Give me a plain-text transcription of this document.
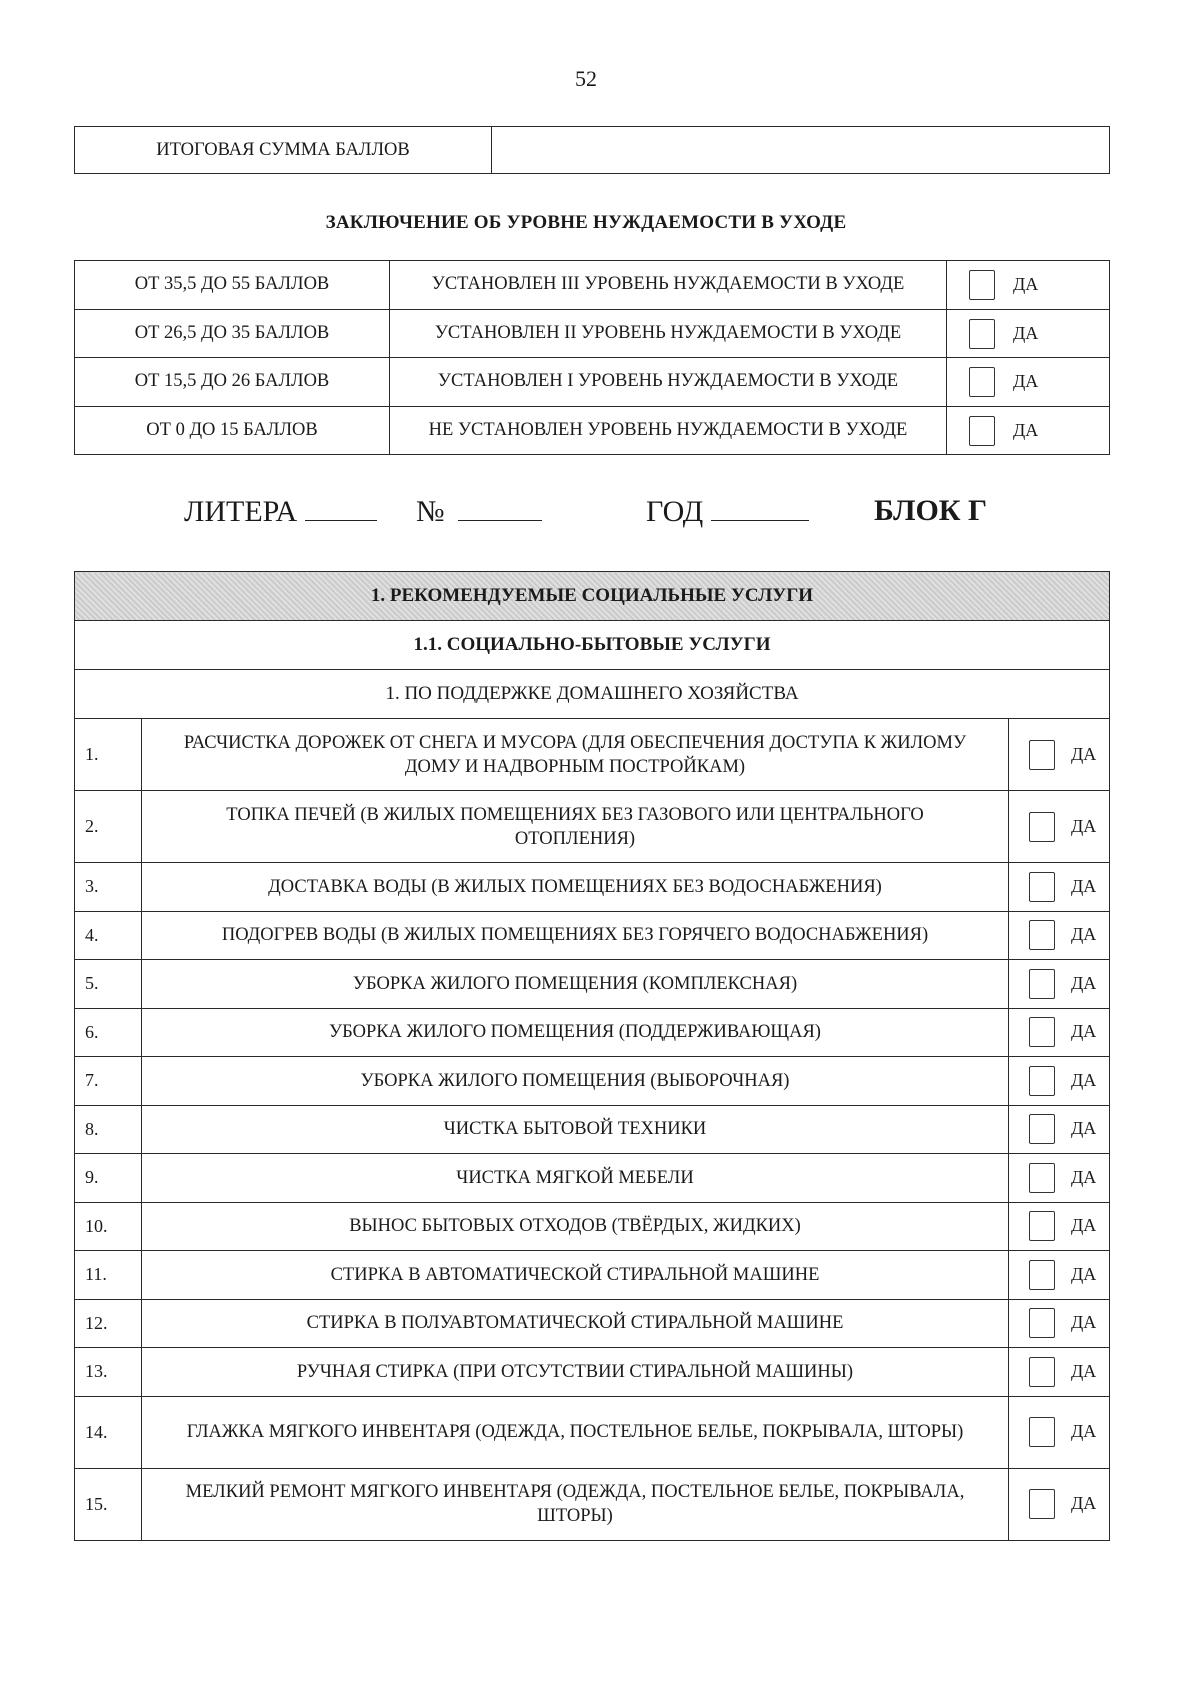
52
ИТОГОВАЯ СУММА БАЛЛОВ	
ЗАКЛЮЧЕНИЕ ОБ УРОВНЕ НУЖДАЕМОСТИ В УХОДЕ
ОТ 35,5 ДО 55 БАЛЛОВ	УСТАНОВЛЕН III УРОВЕНЬ НУЖДАЕМОСТИ В УХОДЕ	ДА

ОТ 26,5 ДО 35 БАЛЛОВ	УСТАНОВЛЕН II УРОВЕНЬ НУЖДАЕМОСТИ В УХОДЕ	ДА

ОТ 15,5 ДО 26 БАЛЛОВ	УСТАНОВЛЕН I УРОВЕНЬ НУЖДАЕМОСТИ В УХОДЕ	ДА

ОТ 0 ДО 15 БАЛЛОВ	НЕ УСТАНОВЛЕН УРОВЕНЬ НУЖДАЕМОСТИ В УХОДЕ	ДА
ЛИТЕРА	№	ГОД	БЛОК Г
1. РЕКОМЕНДУЕМЫЕ СОЦИАЛЬНЫЕ УСЛУГИ		
1.1. СОЦИАЛЬНО-БЫТОВЫЕ УСЛУГИ		
1. ПО ПОДДЕРЖКЕ ДОМАШНЕГО ХОЗЯЙСТВА		
1.	РАСЧИСТКА ДОРОЖЕК ОТ СНЕГА И МУСОРА (ДЛЯ ОБЕСПЕЧЕНИЯ ДОСТУПА К ЖИЛОМУ ДОМУ И НАДВОРНЫМ ПОСТРОЙКАМ)	ДА

2.	ТОПКА ПЕЧЕЙ (В ЖИЛЫХ ПОМЕЩЕНИЯХ БЕЗ ГАЗОВОГО ИЛИ ЦЕНТРАЛЬНОГО ОТОПЛЕНИЯ)	ДА

3.	ДОСТАВКА ВОДЫ (В ЖИЛЫХ ПОМЕЩЕНИЯХ БЕЗ ВОДОСНАБЖЕНИЯ)	ДА

4.	ПОДОГРЕВ ВОДЫ (В ЖИЛЫХ ПОМЕЩЕНИЯХ БЕЗ ГОРЯЧЕГО ВОДОСНАБЖЕНИЯ)	ДА

5.	УБОРКА ЖИЛОГО ПОМЕЩЕНИЯ (КОМПЛЕКСНАЯ)	ДА

6.	УБОРКА ЖИЛОГО ПОМЕЩЕНИЯ (ПОДДЕРЖИВАЮЩАЯ)	ДА

7.	УБОРКА ЖИЛОГО ПОМЕЩЕНИЯ (ВЫБОРОЧНАЯ)	ДА

8.	ЧИСТКА БЫТОВОЙ ТЕХНИКИ	ДА

9.	ЧИСТКА МЯГКОЙ МЕБЕЛИ	ДА

10.	ВЫНОС БЫТОВЫХ ОТХОДОВ (ТВЁРДЫХ, ЖИДКИХ)	ДА

11.	СТИРКА В АВТОМАТИЧЕСКОЙ СТИРАЛЬНОЙ МАШИНЕ	ДА

12.	СТИРКА В ПОЛУАВТОМАТИЧЕСКОЙ СТИРАЛЬНОЙ МАШИНЕ	ДА

13.	РУЧНАЯ СТИРКА (ПРИ ОТСУТСТВИИ СТИРАЛЬНОЙ МАШИНЫ)	ДА

14.	ГЛАЖКА МЯГКОГО ИНВЕНТАРЯ (ОДЕЖДА, ПОСТЕЛЬНОЕ БЕЛЬЕ, ПОКРЫВАЛА, ШТОРЫ)	ДА

15.	МЕЛКИЙ РЕМОНТ МЯГКОГО ИНВЕНТАРЯ (ОДЕЖДА, ПОСТЕЛЬНОЕ БЕЛЬЕ, ПОКРЫВАЛА, ШТОРЫ)	ДА
